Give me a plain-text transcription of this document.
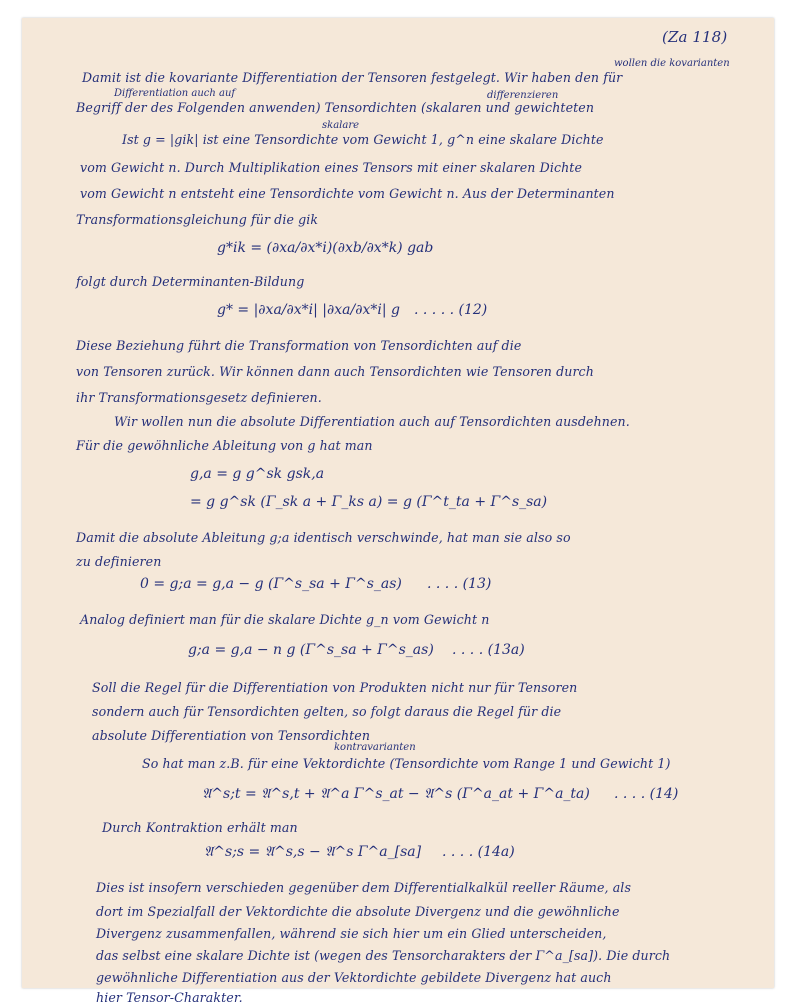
(Za 118)
wollen die kovarianten
Damit ist die kovariante Differentiation der Tensoren festgelegt. Wir haben den für
Differentiation auch auf
Begriff der des Folgenden anwenden) Tensordichten (skalaren und gewichteten
differenzieren
skalare
Ist g = |gik| ist eine Tensordichte vom Gewicht 1, g^n eine skalare Dichte
vom Gewicht n. Durch Multiplikation eines Tensors mit einer skalaren Dichte
vom Gewicht n entsteht eine Tensordichte vom Gewicht n. Aus der Determinanten
Transformationsgleichung für die gik
g*ik = (∂xa/∂x*i)(∂xb/∂x*k) gab
folgt durch Determinanten-Bildung
g* = |∂xa/∂x*i| |∂xa/∂x*i| g . . . . . (12)
Diese Beziehung führt die Transformation von Tensordichten auf die
von Tensoren zurück. Wir können dann auch Tensordichten wie Tensoren durch
ihr Transformationsgesetz definieren.
Wir wollen nun die absolute Differentiation auch auf Tensordichten ausdehnen.
Für die gewöhnliche Ableitung von g hat man
g,a = g g^sk gsk,a
= g g^sk (Γ_sk a + Γ_ks a) = g (Γ^t_ta + Γ^s_sa)
Damit die absolute Ableitung g;a identisch verschwinde, hat man sie also so
zu definieren
0 = g;a = g,a − g (Γ^s_sa + Γ^s_as) . . . . (13)
Analog definiert man für die skalare Dichte g_n vom Gewicht n
g;a = g,a − n g (Γ^s_sa + Γ^s_as) . . . . (13a)
Soll die Regel für die Differentiation von Produkten nicht nur für Tensoren
sondern auch für Tensordichten gelten, so folgt daraus die Regel für die
absolute Differentiation von Tensordichten
kontravarianten
So hat man z.B. für eine Vektordichte (Tensordichte vom Range 1 und Gewicht 1)
𝔄^s;t = 𝔄^s,t + 𝔄^a Γ^s_at − 𝔄^s (Γ^a_at + Γ^a_ta) . . . . (14)
Durch Kontraktion erhält man
𝔄^s;s = 𝔄^s,s − 𝔄^s Γ^a_[sa] . . . . (14a)
Dies ist insofern verschieden gegenüber dem Differentialkalkül reeller Räume, als
dort im Spezialfall der Vektordichte die absolute Divergenz und die gewöhnliche
Divergenz zusammenfallen, während sie sich hier um ein Glied unterscheiden,
das selbst eine skalare Dichte ist (wegen des Tensorcharakters der Γ^a_[sa]). Die durch
gewöhnliche Differentiation aus der Vektordichte gebildete Divergenz hat auch
hier Tensor-Charakter.
